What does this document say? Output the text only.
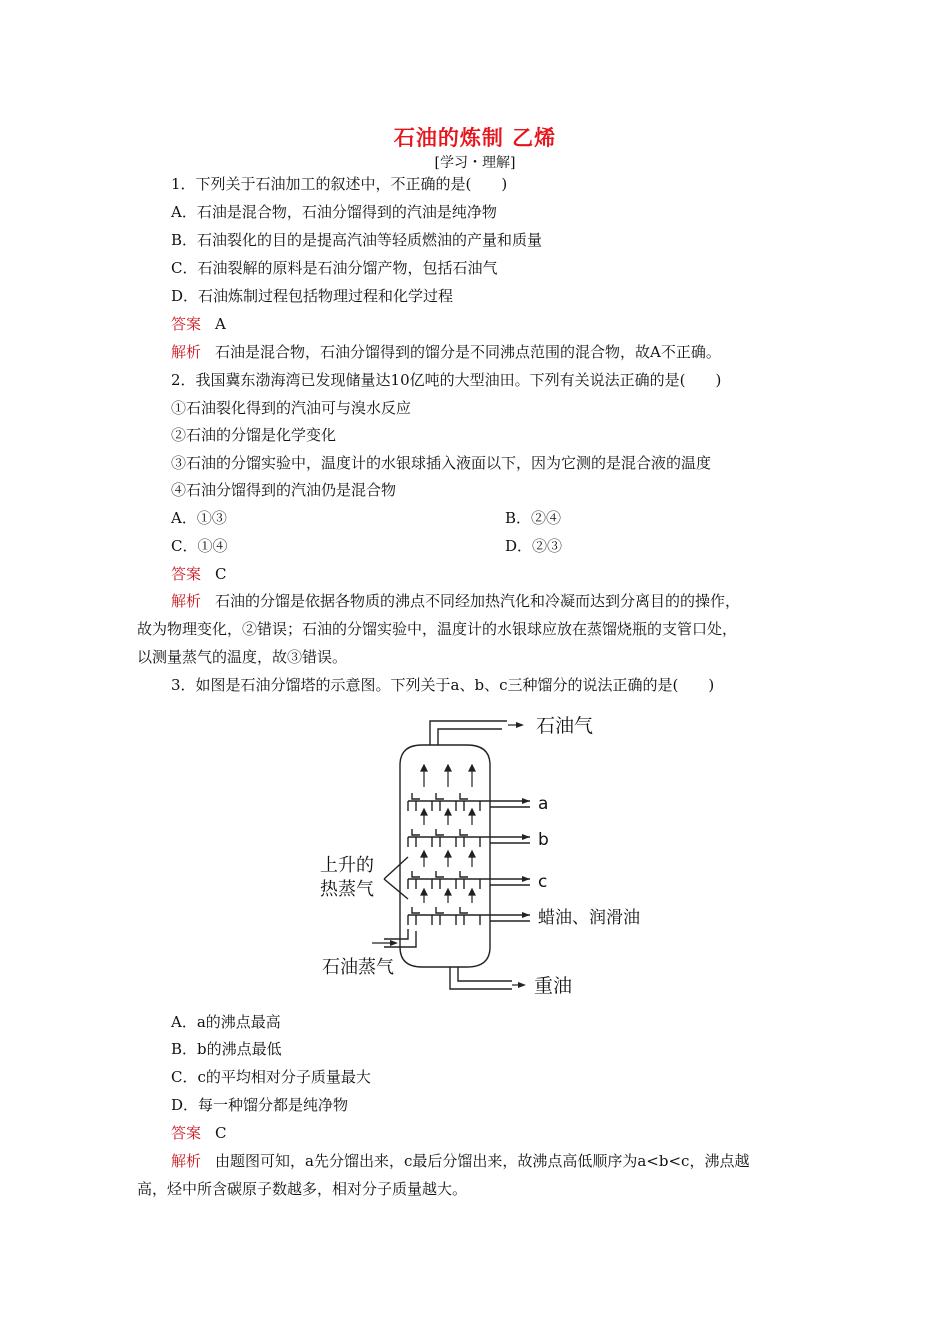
石油的炼制 乙烯
[学习・理解]
1．下列关于石油加工的叙述中，不正确的是(　　)
A．石油是混合物，石油分馏得到的汽油是纯净物
B．石油裂化的目的是提高汽油等轻质燃油的产量和质量
C．石油裂解的原料是石油分馏产物，包括石油气
D．石油炼制过程包括物理过程和化学过程
答案 A
解析 石油是混合物，石油分馏得到的馏分是不同沸点范围的混合物，故A不正确。
2．我国冀东渤海湾已发现储量达10亿吨的大型油田。下列有关说法正确的是(　　)
①石油裂化得到的汽油可与溴水反应
②石油的分馏是化学变化
③石油的分馏实验中，温度计的水银球插入液面以下，因为它测的是混合液的温度
④石油分馏得到的汽油仍是混合物
A．①③	B．②④
C．①④	D．②③
答案 C
解析 石油的分馏是依据各物质的沸点不同经加热汽化和冷凝而达到分离目的的操作，
故为物理变化，②错误；石油的分馏实验中，温度计的水银球应放在蒸馏烧瓶的支管口处，
以测量蒸气的温度，故③错误。
3．如图是石油分馏塔的示意图。下列关于a、b、c三种馏分的说法正确的是(　　)
石油气
a
b
c
蜡油、润滑油
重油
上升的
热蒸气
石油蒸气
A．a的沸点最高
B．b的沸点最低
C．c的平均相对分子质量最大
D．每一种馏分都是纯净物
答案 C
解析 由题图可知，a先分馏出来，c最后分馏出来，故沸点高低顺序为a<b<c，沸点越
高，烃中所含碳原子数越多，相对分子质量越大。
